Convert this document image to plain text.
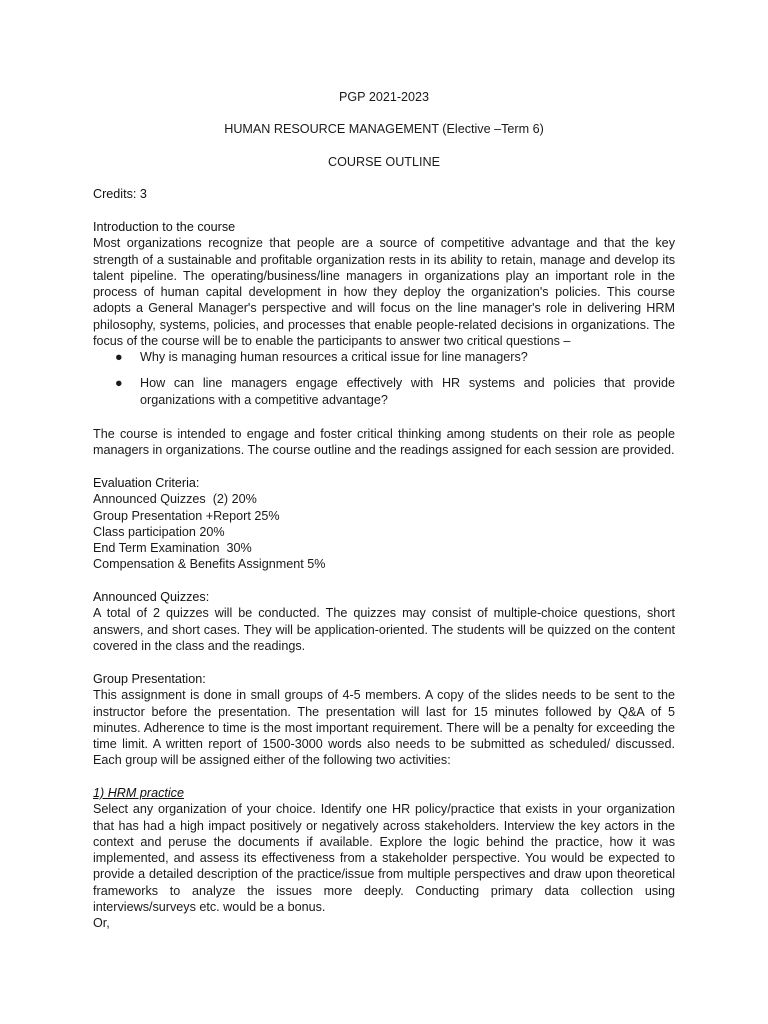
PGP 2021-2023

HUMAN RESOURCE MANAGEMENT (Elective –Term 6)

COURSE OUTLINE

Credits: 3

Introduction to the course

Most organizations recognize that people are a source of competitive advantage and that the key strength of a sustainable and profitable organization rests in its ability to retain, manage and develop its talent pipeline. The operating/business/line managers in organizations play an important role in the process of human capital development in how they deploy the organization's policies. This course adopts a General Manager's perspective and will focus on the line manager's role in delivering HRM philosophy, systems, policies, and processes that enable people-related decisions in organizations. The focus of the course will be to enable the participants to answer two critical questions –

● Why is managing human resources a critical issue for line managers?
● How can line managers engage effectively with HR systems and policies that provide organizations with a competitive advantage?

The course is intended to engage and foster critical thinking among students on their role as people managers in organizations. The course outline and the readings assigned for each session are provided.

Evaluation Criteria:

Announced Quizzes  (2) 20%

Group Presentation +Report 25%

Class participation 20%

End Term Examination  30%

Compensation & Benefits Assignment 5%

Announced Quizzes:

A total of 2 quizzes will be conducted. The quizzes may consist of multiple-choice questions, short answers, and short cases. They will be application-oriented. The students will be quizzed on the content covered in the class and the readings.

Group Presentation:

This assignment is done in small groups of 4-5 members. A copy of the slides needs to be sent to the instructor before the presentation. The presentation will last for 15 minutes followed by Q&A of 5 minutes. Adherence to time is the most important requirement. There will be a penalty for exceeding the time limit. A written report of 1500-3000 words also needs to be submitted as scheduled/ discussed. Each group will be assigned either of the following two activities:

1) HRM practice

Select any organization of your choice. Identify one HR policy/practice that exists in your organization that has had a high impact positively or negatively across stakeholders. Interview the key actors in the context and peruse the documents if available. Explore the logic behind the practice, how it was implemented, and assess its effectiveness from a stakeholder perspective. You would be expected to provide a detailed description of the practice/issue from multiple perspectives and draw upon theoretical frameworks to analyze the issues more deeply. Conducting primary data collection using interviews/surveys etc. would be a bonus.

Or,
